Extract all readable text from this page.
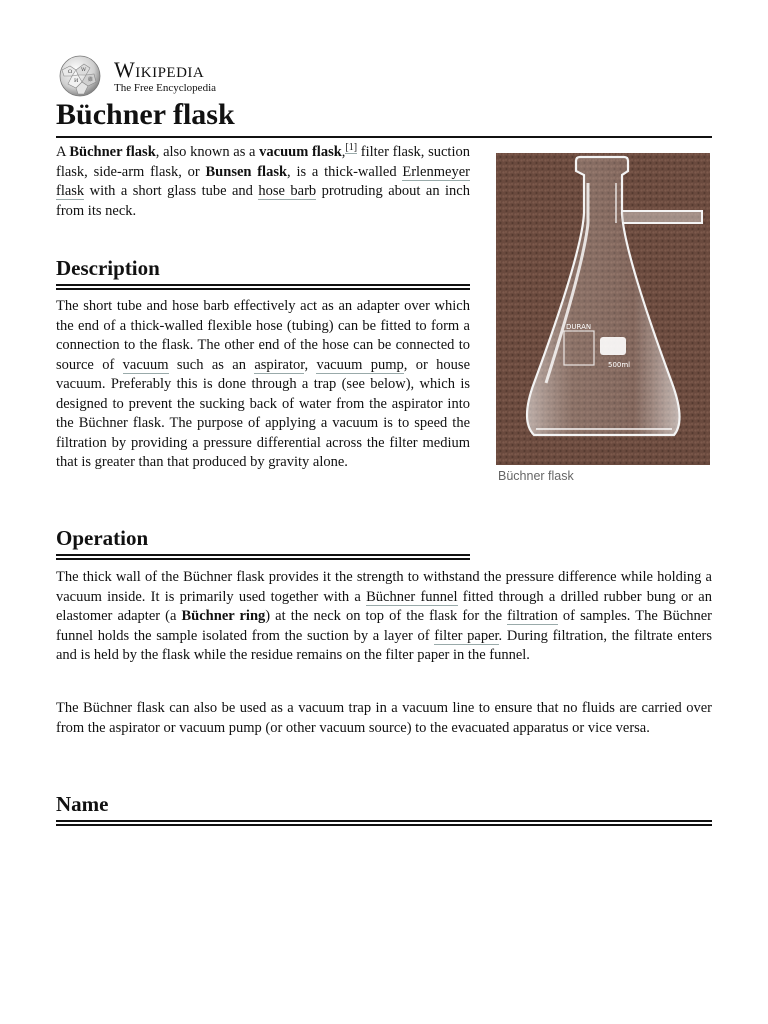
Ω W
И 維 Wikipedia
The Free Encyclopedia
Büchner flask

A Büchner flask, also known as a vacuum flask,[1] filter flask, suction flask, side-arm flask, or Bunsen flask, is a thick-walled Erlenmeyer flask with a short glass tube and hose barb protruding about an inch from its neck.

DURAN
500ml
Büchner flask
Description

The short tube and hose barb effectively act as an adapter over which the end of a thick-walled flexible hose (tubing) can be fitted to form a connection to the flask. The other end of the hose can be connected to source of vacuum such as an aspirator, vacuum pump, or house vacuum. Preferably this is done through a trap (see below), which is designed to prevent the sucking back of water from the aspirator into the Büchner flask. The purpose of applying a vacuum is to speed the filtration by providing a pressure differential across the filter medium that is greater than that produced by gravity alone.

Operation

The thick wall of the Büchner flask provides it the strength to withstand the pressure difference while holding a vacuum inside. It is primarily used together with a Büchner funnel fitted through a drilled rubber bung or an elastomer adapter (a Büchner ring) at the neck on top of the flask for the filtration of samples. The Büchner funnel holds the sample isolated from the suction by a layer of filter paper. During filtration, the filtrate enters and is held by the flask while the residue remains on the filter paper in the funnel.

The Büchner flask can also be used as a vacuum trap in a vacuum line to ensure that no fluids are carried over from the aspirator or vacuum pump (or other vacuum source) to the evacuated apparatus or vice versa.

Name
